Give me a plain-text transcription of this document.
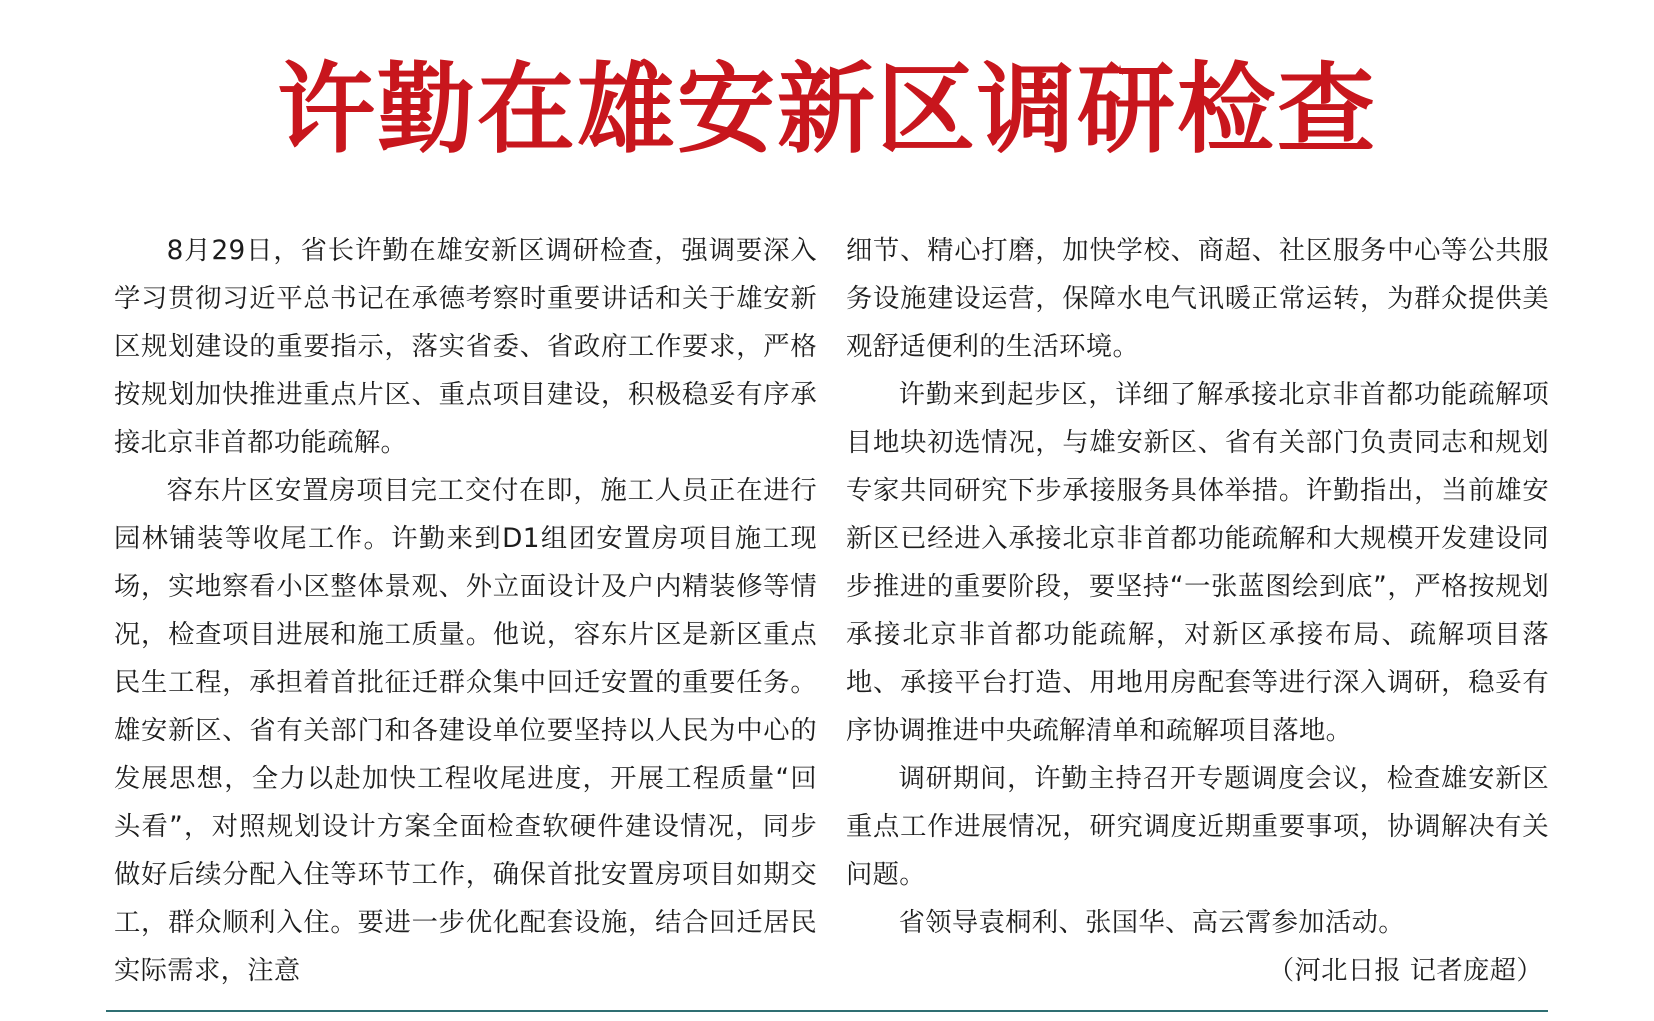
许勤在雄安新区调研检查

8月29日，省长许勤在雄安新区调研检查，强调要深入学习贯彻习近平总书记在承德考察时重要讲话和关于雄安新区规划建设的重要指示，落实省委、省政府工作要求，严格按规划加快推进重点片区、重点项目建设，积极稳妥有序承接北京非首都功能疏解。

容东片区安置房项目完工交付在即，施工人员正在进行园林铺装等收尾工作。许勤来到D1组团安置房项目施工现场，实地察看小区整体景观、外立面设计及户内精装修等情况，检查项目进展和施工质量。他说，容东片区是新区重点民生工程，承担着首批征迁群众集中回迁安置的重要任务。雄安新区、省有关部门和各建设单位要坚持以人民为中心的发展思想，全力以赴加快工程收尾进度，开展工程质量“回头看”，对照规划设计方案全面检查软硬件建设情况，同步做好后续分配入住等环节工作，确保首批安置房项目如期交工，群众顺利入住。要进一步优化配套设施，结合回迁居民实际需求，注意

细节、精心打磨，加快学校、商超、社区服务中心等公共服务设施建设运营，保障水电气讯暖正常运转，为群众提供美观舒适便利的生活环境。

许勤来到起步区，详细了解承接北京非首都功能疏解项目地块初选情况，与雄安新区、省有关部门负责同志和规划专家共同研究下步承接服务具体举措。许勤指出，当前雄安新区已经进入承接北京非首都功能疏解和大规模开发建设同步推进的重要阶段，要坚持“一张蓝图绘到底”，严格按规划承接北京非首都功能疏解，对新区承接布局、疏解项目落地、承接平台打造、用地用房配套等进行深入调研，稳妥有序协调推进中央疏解清单和疏解项目落地。

调研期间，许勤主持召开专题调度会议，检查雄安新区重点工作进展情况，研究调度近期重要事项，协调解决有关问题。

省领导袁桐利、张国华、高云霄参加活动。

（河北日报 记者庞超）
